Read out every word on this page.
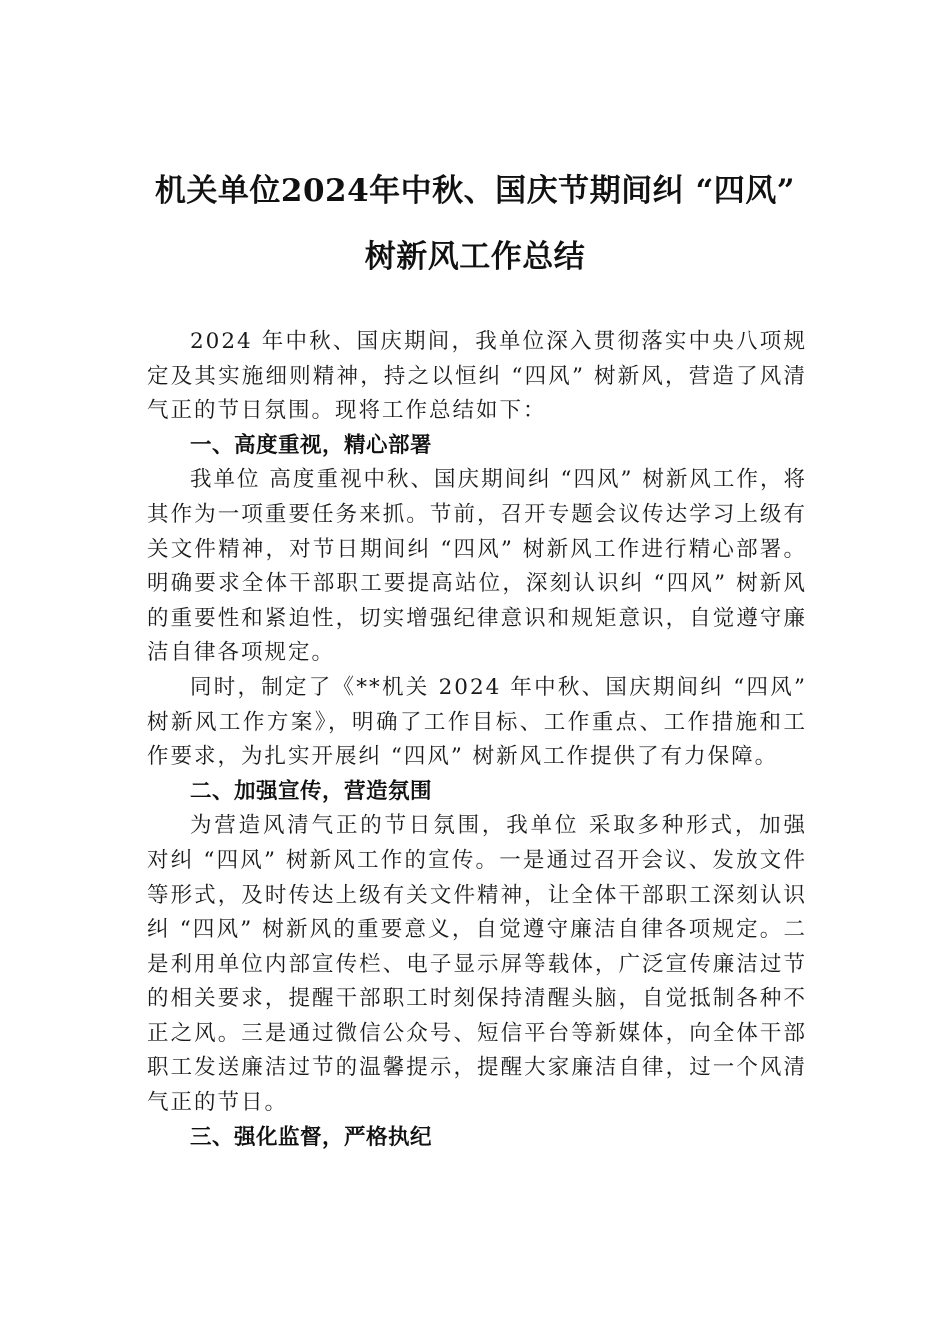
机关单位2024年中秋、国庆节期间纠 “四风” 树新风工作总结

2024 年中秋、国庆期间，我单位深入贯彻落实中央八项规定及其实施细则精神，持之以恒纠 “四风” 树新风，营造了风清气正的节日氛围。现将工作总结如下：

一、高度重视，精心部署

我单位 高度重视中秋、国庆期间纠 “四风” 树新风工作，将其作为一项重要任务来抓。节前，召开专题会议传达学习上级有关文件精神，对节日期间纠 “四风” 树新风工作进行精心部署。明确要求全体干部职工要提高站位，深刻认识纠 “四风” 树新风的重要性和紧迫性，切实增强纪律意识和规矩意识，自觉遵守廉洁自律各项规定。

同时，制定了《**机关 2024 年中秋、国庆期间纠 “四风” 树新风工作方案》，明确了工作目标、工作重点、工作措施和工作要求，为扎实开展纠 “四风” 树新风工作提供了有力保障。

二、加强宣传，营造氛围

为营造风清气正的节日氛围，我单位 采取多种形式，加强对纠 “四风” 树新风工作的宣传。一是通过召开会议、发放文件等形式，及时传达上级有关文件精神，让全体干部职工深刻认识纠 “四风” 树新风的重要意义，自觉遵守廉洁自律各项规定。二是利用单位内部宣传栏、电子显示屏等载体，广泛宣传廉洁过节的相关要求，提醒干部职工时刻保持清醒头脑，自觉抵制各种不正之风。三是通过微信公众号、短信平台等新媒体，向全体干部职工发送廉洁过节的温馨提示，提醒大家廉洁自律，过一个风清气正的节日。

三、强化监督，严格执纪
